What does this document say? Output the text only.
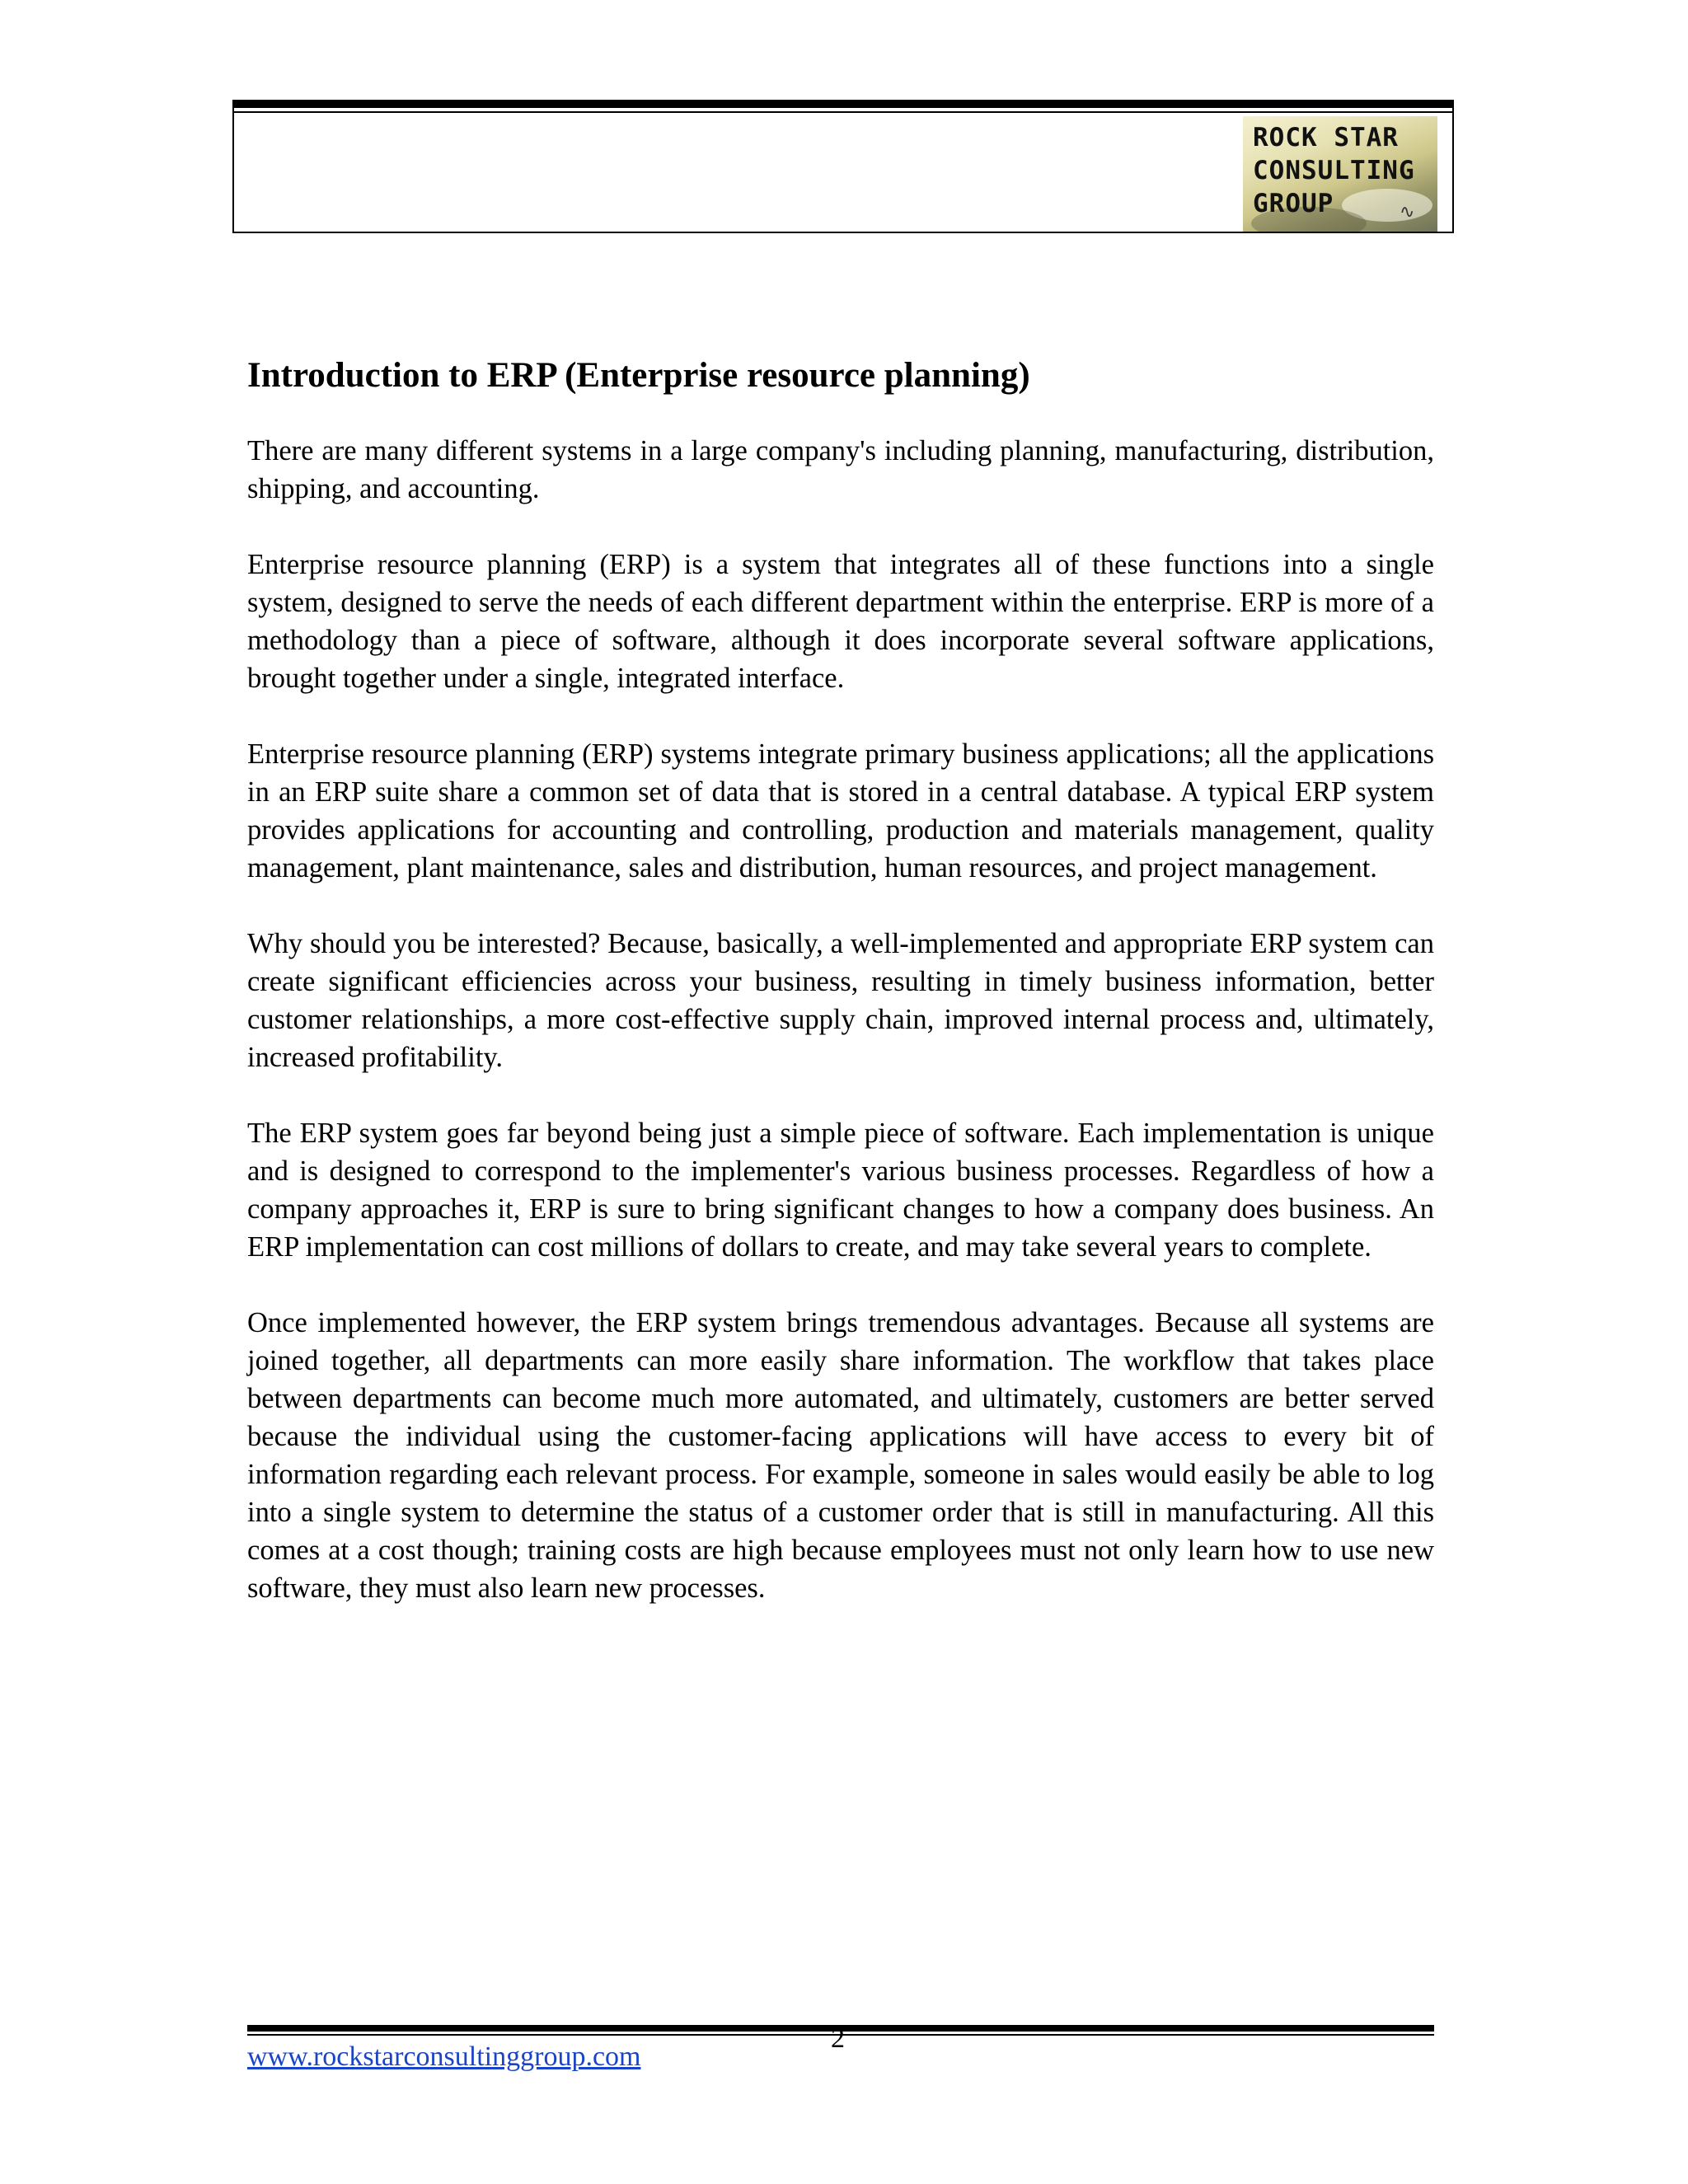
ROCK STAR
CONSULTING
GROUP	∿
Introduction to ERP (Enterprise resource planning)

There are many different systems in a large company's including planning, manufacturing, distribution, shipping, and accounting.

Enterprise resource planning (ERP) is a system that integrates all of these functions into a single system, designed to serve the needs of each different department within the enterprise. ERP is more of a methodology than a piece of software, although it does incorporate several software applications, brought together under a single, integrated interface.

Enterprise resource planning (ERP) systems integrate primary business applications; all the applications in an ERP suite share a common set of data that is stored in a central database. A typical ERP system provides applications for accounting and controlling, production and materials management, quality management, plant maintenance, sales and distribution, human resources, and project management.

Why should you be interested? Because, basically, a well-implemented and appropriate ERP system can create significant efficiencies across your business, resulting in timely business information, better customer relationships, a more cost-effective supply chain, improved internal process and, ultimately, increased profitability.

The ERP system goes far beyond being just a simple piece of software. Each implementation is unique and is designed to correspond to the implementer's various business processes. Regardless of how a company approaches it, ERP is sure to bring significant changes to how a company does business. An ERP implementation can cost millions of dollars to create, and may take several years to complete.

Once implemented however, the ERP system brings tremendous advantages. Because all systems are joined together, all departments can more easily share information. The workflow that takes place between departments can become much more automated, and ultimately, customers are better served because the individual using the customer-facing applications will have access to every bit of information regarding each relevant process. For example, someone in sales would easily be able to log into a single system to determine the status of a customer order that is still in manufacturing. All this comes at a cost though; training costs are high because employees must not only learn how to use new software, they must also learn new processes.

www.rockstarconsultinggroup.com
2
